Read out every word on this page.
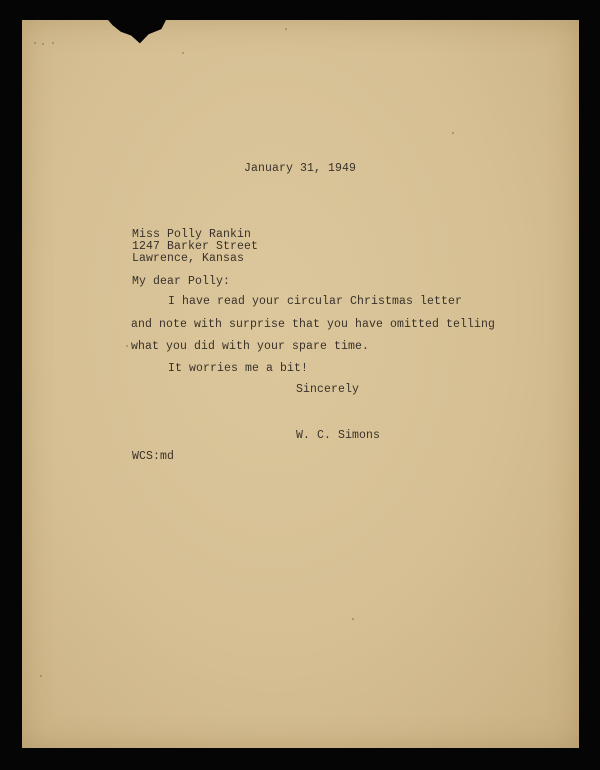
January 31, 1949
Miss Polly Rankin
1247 Barker Street
Lawrence, Kansas
My dear Polly:
I have read your circular Christmas letter
and note with surprise that you have omitted telling
what you did with your spare time.
It worries me a bit!
Sincerely
W. C. Simons
WCS:md
